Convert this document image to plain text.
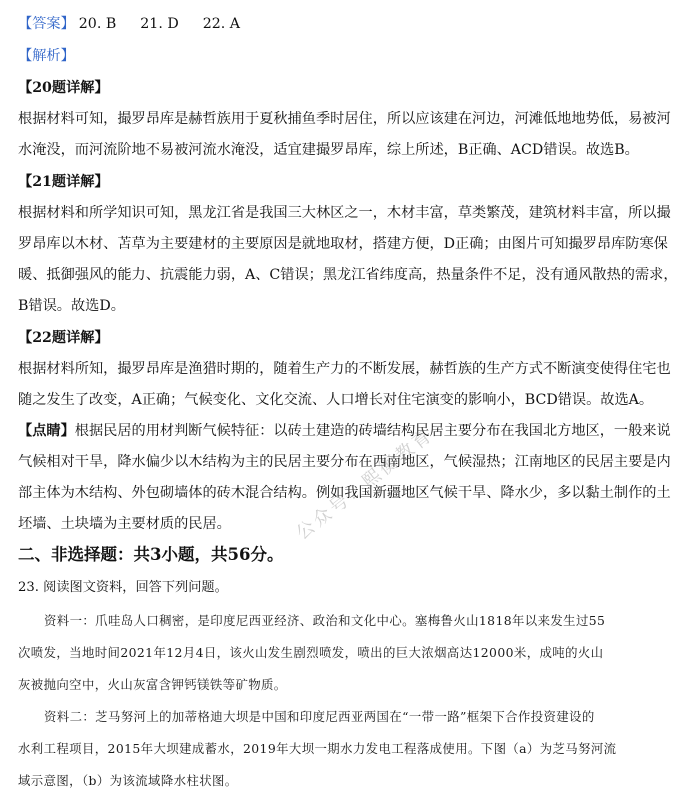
【答案】 20. B 21. D 22. A
【解析】
【20题详解】
根据材料可知，撮罗昂库是赫哲族用于夏秋捕鱼季时居住，所以应该建在河边，河滩低地地势低，易被河
水淹没，而河流阶地不易被河流水淹没，适宜建撮罗昂库，综上所述，B正确、ACD错误。故选B。
【21题详解】
根据材料和所学知识可知，黑龙江省是我国三大林区之一，木材丰富，草类繁茂，建筑材料丰富，所以撮
罗昂库以木材、苫草为主要建材的主要原因是就地取材，搭建方便，D正确；由图片可知撮罗昂库防寒保
暖、抵御强风的能力、抗震能力弱，A、C错误；黑龙江省纬度高，热量条件不足，没有通风散热的需求，
B错误。故选D。
【22题详解】
根据材料所知，撮罗昂库是渔猎时期的，随着生产力的不断发展，赫哲族的生产方式不断演变使得住宅也
随之发生了改变，A正确；气候变化、文化交流、人口增长对住宅演变的影响小，BCD错误。故选A。
【点睛】根据民居的用材判断气候特征：以砖土建造的砖墙结构民居主要分布在我国北方地区，一般来说
气候相对干旱，降水偏少以木结构为主的民居主要分布在西南地区，气候湿热；江南地区的民居主要是内
部主体为木结构、外包砌墙体的砖木混合结构。例如我国新疆地区气候干旱、降水少，多以黏土制作的土
坯墙、土块墙为主要材质的民居。
二、非选择题：共3小题，共56分。
23. 阅读图文资料，回答下列问题。
资料一：爪哇岛人口稠密，是印度尼西亚经济、政治和文化中心。塞梅鲁火山1818年以来发生过55
次喷发，当地时间2021年12月4日，该火山发生剧烈喷发，喷出的巨大浓烟高达12000米，成吨的火山
灰被抛向空中，火山灰富含钾钙镁铁等矿物质。
资料二：芝马努河上的加蒂格迪大坝是中国和印度尼西亚两国在“一带一路”框架下合作投资建设的
水利工程项目，2015年大坝建成蓄水，2019年大坝一期水力发电工程落成使用。下图（a）为芝马努河流
域示意图，（b）为该流域降水柱状图。
公众号：熙衡教育
